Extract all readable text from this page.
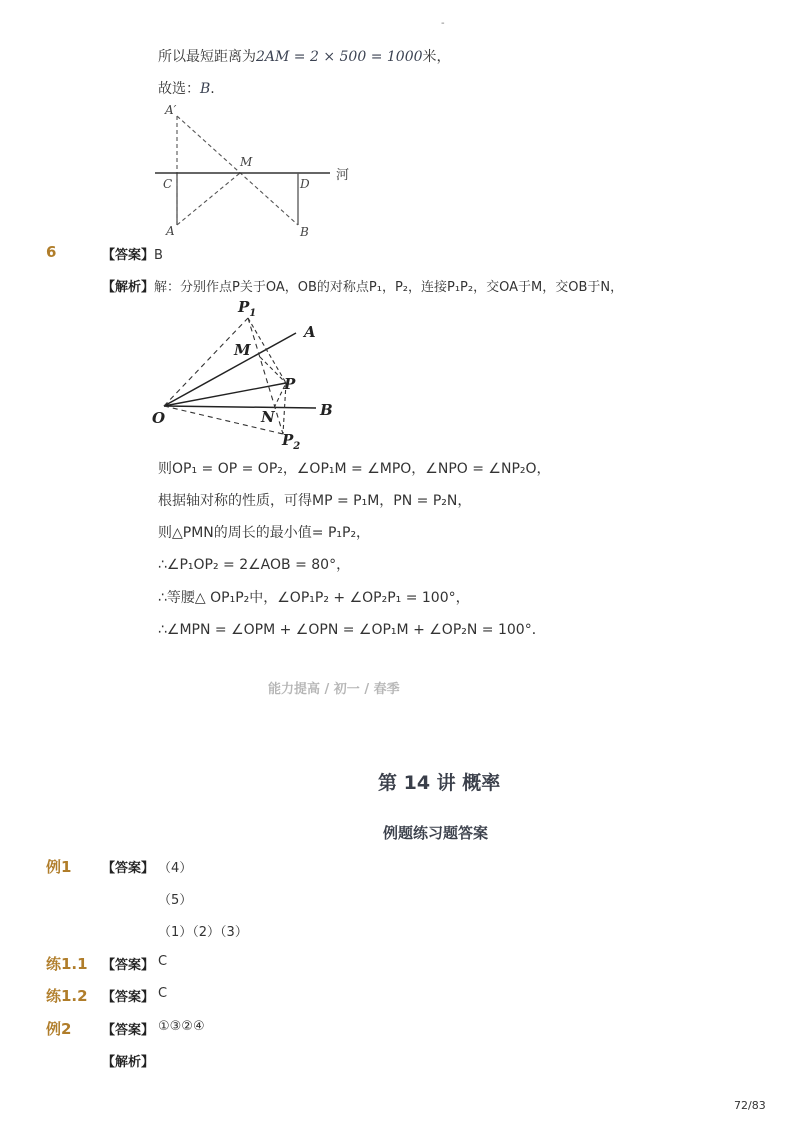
-
所以最短距离为2AM = 2 × 500 = 1000米，
故选：B.
A′
M
C	D
A	B
河
6	【答案】B
【解析】解：分别作点P关于OA，OB的对称点P₁，P₂，连接P₁P₂，交OA于M，交OB于N，
$P_1$
A
M
P
O	N	B
$P_2$
则OP₁ = OP = OP₂，∠OP₁M = ∠MPO，∠NPO = ∠NP₂O，
根据轴对称的性质，可得MP = P₁M，PN = P₂N，
则△PMN的周长的最小值= P₁P₂，
∴∠P₁OP₂ = 2∠AOB = 80°，
∴等腰△ OP₁P₂中，∠OP₁P₂ + ∠OP₂P₁ = 100°，
∴∠MPN = ∠OPM + ∠OPN = ∠OP₁M + ∠OP₂N = 100°．
能力提高 / 初一 / 春季
第 14 讲 概率
例题练习题答案
例1 【答案】 （4）
（5）
（1）（2）（3）
练1.1 【答案】 C
练1.2 【答案】 C
例2 【答案】 ①③②④
【解析】
72/83
